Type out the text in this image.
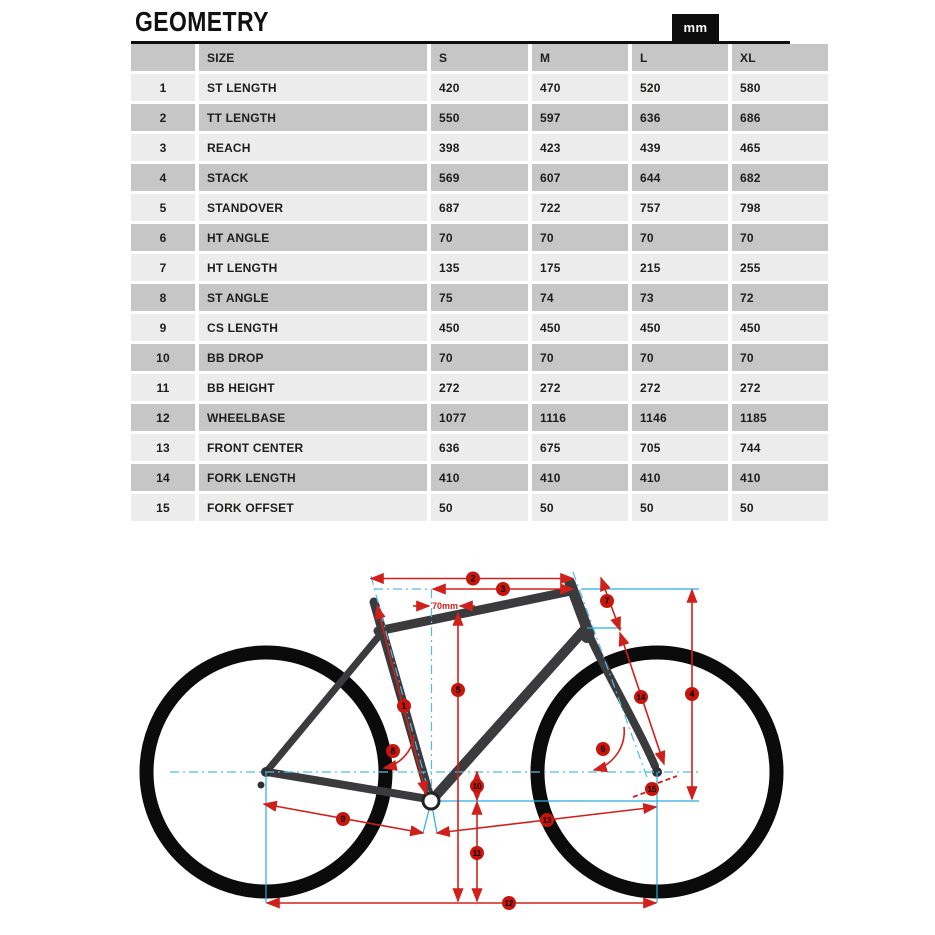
GEOMETRY	mm
	SIZE	S	M	L	XL
1	ST LENGTH	420	470	520	580
2	TT LENGTH	550	597	636	686
3	REACH	398	423	439	465
4	STACK	569	607	644	682
5	STANDOVER	687	722	757	798
6	HT ANGLE	70	70	70	70
7	HT LENGTH	135	175	215	255
8	ST ANGLE	75	74	73	72
9	CS LENGTH	450	450	450	450
10	BB DROP	70	70	70	70
11	BB HEIGHT	272	272	272	272
12	WHEELBASE	1077	1116	1146	1185
13	FRONT CENTER	636	675	705	744
14	FORK LENGTH	410	410	410	410
15	FORK OFFSET	50	50	50	50
70mm
1
2
3
4
5
6
7
8
9
10
11
12
13
14
15
